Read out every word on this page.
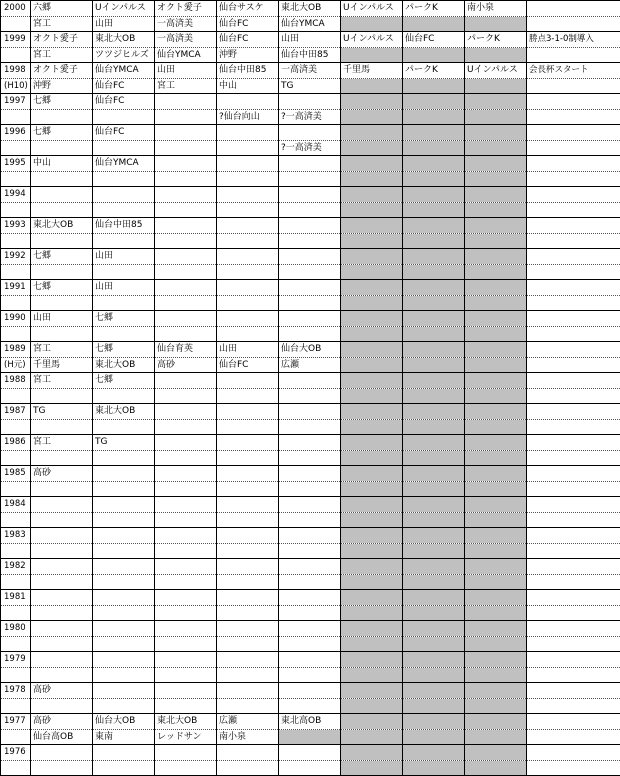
2000	六郷	Uインパルス	オクト愛子	仙台サスケ	東北大OB	Uインパルス	パークK	南小泉	
	宮工	山田	一高済美	仙台FC	仙台YMCA				
1999	オクト愛子	東北大OB	一高済美	仙台FC	山田	Uインパルス	仙台FC	パークK	勝点3-1-0制導入
	宮工	ツツジヒルズ	仙台YMCA	沖野	仙台中田85				
1998	オクト愛子	仙台YMCA	山田	仙台中田85	一高済美	千里馬	パークK	Uインパルス	会長杯スタート
(H10)	沖野	仙台FC	宮工	中山	TG				
1997	七郷	仙台FC							
				?仙台向山	?一高済美				
1996	七郷	仙台FC							
					?一高済美				
1995	中山	仙台YMCA							

1994									

1993	東北大OB	仙台中田85							

1992	七郷	山田							

1991	七郷	山田							

1990	山田	七郷							

1989	宮工	七郷	仙台育英	山田	仙台大OB				
(H元)	千里馬	東北大OB	高砂	仙台FC	広瀬				
1988	宮工	七郷							

1987	TG	東北大OB							

1986	宮工	TG							

1985	高砂								

1984									

1983									

1982									

1981									

1980									

1979									

1978	高砂								

1977	高砂	仙台大OB	東北大OB	広瀬	東北高OB				
	仙台高OB	東南	レッドサン	南小泉					
1976									
